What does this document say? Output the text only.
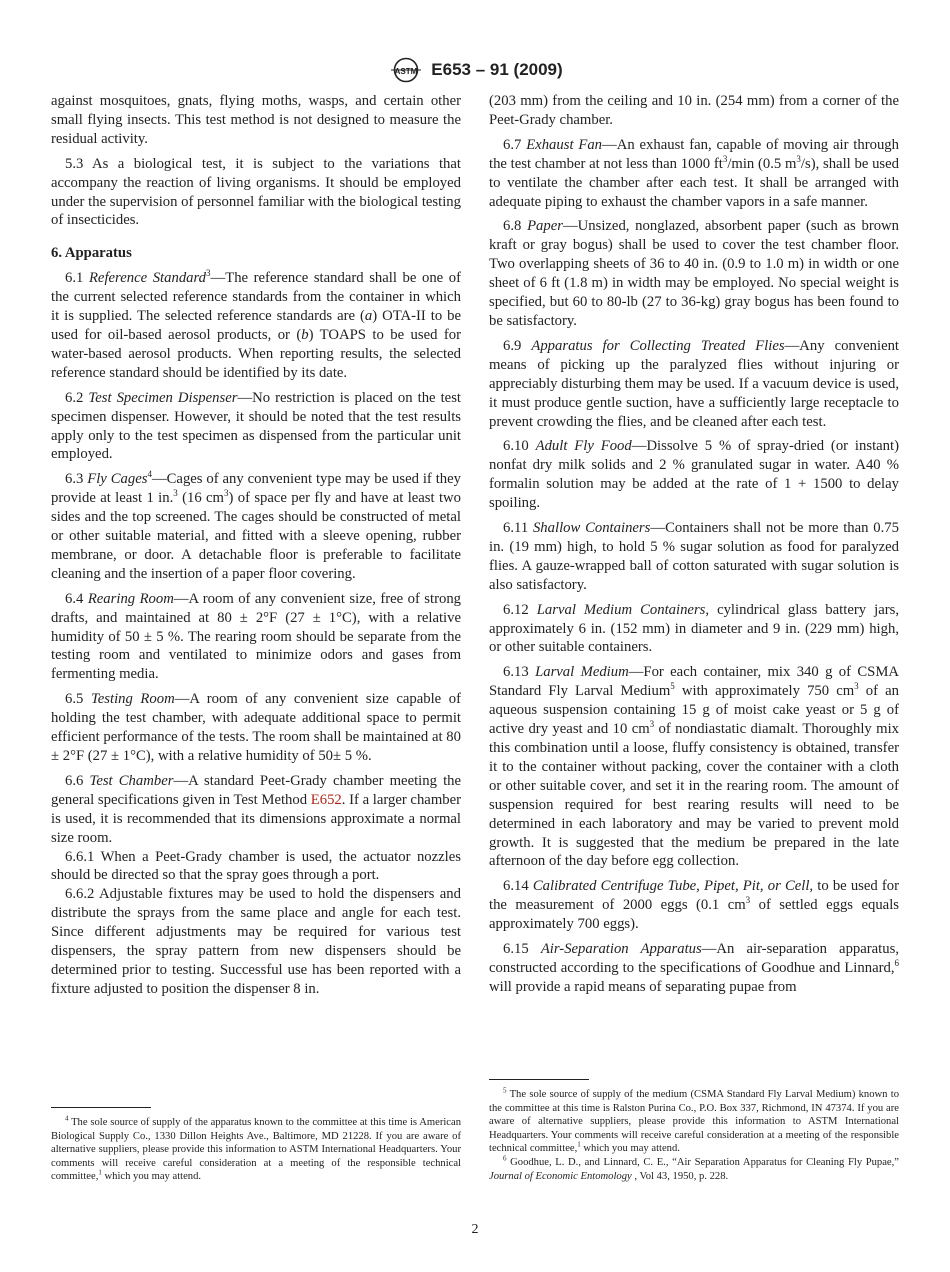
ASTM E653 – 91 (2009)

against mosquitoes, gnats, flying moths, wasps, and certain other small flying insects. This test method is not designed to measure the residual activity.

5.3 As a biological test, it is subject to the variations that accompany the reaction of living organisms. It should be employed under the supervision of personnel familiar with the biological testing of insecticides.

6. Apparatus

6.1 Reference Standard$^3$—The reference standard shall be one of the current selected reference standards from the container in which it is supplied. The selected reference standards are (a) OTA-II to be used for oil-based aerosol products, or (b) TOAPS to be used for water-based aerosol products. When reporting results, the selected reference standard should be identified by its date.

6.2 Test Specimen Dispenser—No restriction is placed on the test specimen dispenser. However, it should be noted that the test results apply only to the test specimen as dispensed from the particular unit employed.

6.3 Fly Cages$^4$—Cages of any convenient type may be used if they provide at least 1 in.$^3$ (16 $cm^3$) of space per fly and have at least two sides and the top screened. The cages should be constructed of metal or other suitable material, and fitted with a sleeve opening, rubber membrane, or door. A detachable floor is preferable to facilitate cleaning and the insertion of a paper floor covering.

6.4 Rearing Room—A room of any convenient size, free of strong drafts, and maintained at 80 ± 2°F (27 ± 1°C), with a relative humidity of 50 ± 5 %. The rearing room should be separate from the testing room and ventilated to minimize odors and gases from fermenting media.

6.5 Testing Room—A room of any convenient size capable of holding the test chamber, with adequate additional space to permit efficient performance of the tests. The room shall be maintained at 80 ± 2°F (27 ± 1°C), with a relative humidity of 50± 5 %.

6.6 Test Chamber—A standard Peet-Grady chamber meeting the general specifications given in Test Method E652. If a larger chamber is used, it is recommended that its dimensions approximate a normal size room.

6.6.1 When a Peet-Grady chamber is used, the actuator nozzles should be directed so that the spray goes through a port.

6.6.2 Adjustable fixtures may be used to hold the dispensers and distribute the sprays from the same place and angle for each test. Since different adjustments may be required for various test dispensers, the spray pattern from new dispensers should be determined prior to testing. Successful use has been reported with a fixture adjusted to position the dispenser 8 in.

(203 mm) from the ceiling and 10 in. (254 mm) from a corner of the Peet-Grady chamber.

6.7 Exhaust Fan—An exhaust fan, capable of moving air through the test chamber at not less than 1000 $ft^3/\min$ (0.5 $m^3/s$), shall be used to ventilate the chamber after each test. It shall be arranged with adequate piping to exhaust the chamber vapors in a safe manner.

6.8 Paper—Unsized, nonglazed, absorbent paper (such as brown kraft or gray bogus) shall be used to cover the test chamber floor. Two overlapping sheets of 36 to 40 in. (0.9 to 1.0 m) in width or one sheet of 6 ft (1.8 m) in width may be employed. No special weight is specified, but 60 to 80-lb (27 to 36-kg) gray bogus has been found to be satisfactory.

6.9 Apparatus for Collecting Treated Flies—Any convenient means of picking up the paralyzed flies without injuring or appreciably disturbing them may be used. If a vacuum device is used, it must produce gentle suction, have a sufficiently large receptacle to prevent crowding the flies, and be cleaned after each test.

6.10 Adult Fly Food—Dissolve 5 % of spray-dried (or instant) nonfat dry milk solids and 2 % granulated sugar in water. A40 % formalin solution may be added at the rate of 1 + 1500 to delay spoiling.

6.11 Shallow Containers—Containers shall not be more than 0.75 in. (19 mm) high, to hold 5 % sugar solution as food for paralyzed flies. A gauze-wrapped ball of cotton saturated with sugar solution is also satisfactory.

6.12 Larval Medium Containers, cylindrical glass battery jars, approximately 6 in. (152 mm) in diameter and 9 in. (229 mm) high, or other suitable containers.

6.13 Larval Medium—For each container, mix 340 g of CSMA Standard Fly Larval Medium$^5$ with approximately 750 $cm^3$ of an aqueous suspension containing 15 g of moist cake yeast or 5 g of active dry yeast and 10 $cm^3$ of nondiastatic diamalt. Thoroughly mix this combination until a loose, fluffy consistency is obtained, transfer it to the container without packing, cover the container with a cloth or other suitable cover, and set it in the rearing room. The amount of suspension required for best rearing results will need to be determined in each laboratory and may be varied to prevent mold growth. It is suggested that the medium be prepared in the late afternoon of the day before egg collection.

6.14 Calibrated Centrifuge Tube, Pipet, Pit, or Cell, to be used for the measurement of 2000 eggs (0.1 $cm^3$ of settled eggs equals approximately 700 eggs).

6.15 Air-Separation Apparatus—An air-separation apparatus, constructed according to the specifications of Goodhue and Linnard,$^6$ will provide a rapid means of separating pupae from

$^4$ The sole source of supply of the apparatus known to the committee at this time is American Biological Supply Co., 1330 Dillon Heights Ave., Baltimore, MD 21228. If you are aware of alternative suppliers, please provide this information to ASTM International Headquarters. Your comments will receive careful consideration at a meeting of the responsible technical committee,$^1$ which you may attend.

$^5$ The sole source of supply of the medium (CSMA Standard Fly Larval Medium) known to the committee at this time is Ralston Purina Co., P.O. Box 337, Richmond, IN 47374. If you are aware of alternative suppliers, please provide this information to ASTM International Headquarters. Your comments will receive careful consideration at a meeting of the responsible technical committee,$^1$ which you may attend.

$^6$ Goodhue, L. D., and Linnard, C. E., “Air Separation Apparatus for Cleaning Fly Pupae,” Journal of Economic Entomology , Vol 43, 1950, p. 228.

2
